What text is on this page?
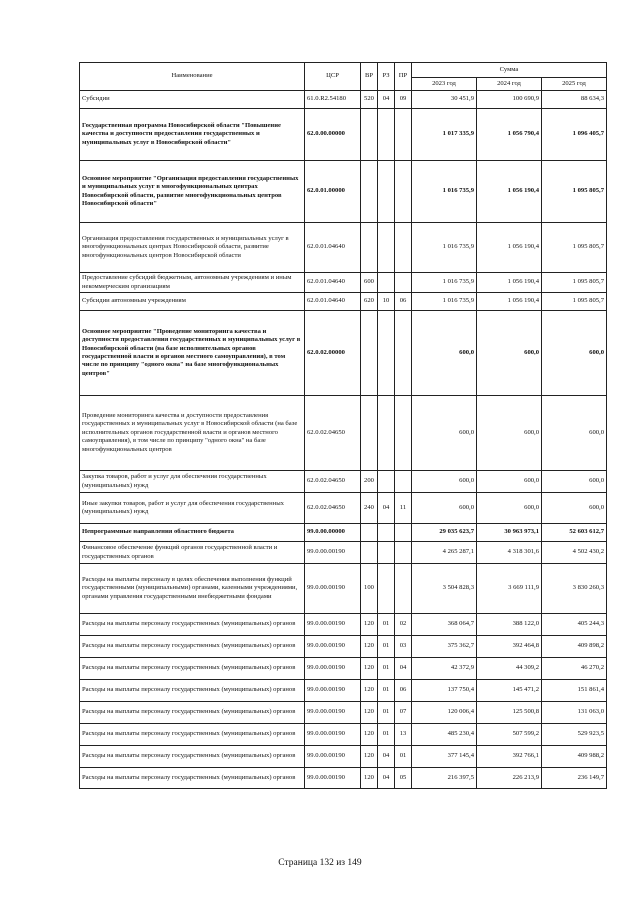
Наименование	ЦСР	ВР	РЗ	ПР	Сумма		
					2023 год	2024 год	2025 год
Субсидии	61.0.R2.54180	520	04	09	30 451,9	100 690,9	88 634,3
Государственная программа Новосибирской области "Повышение качества и доступности предоставления государственных и муниципальных услуг в Новосибирской области"	62.0.00.00000				1 017 335,9	1 056 790,4	1 096 405,7
Основное мероприятие "Организация предоставления государственных и муниципальных услуг в многофункциональных центрах Новосибирской области, развитие многофункциональных центров Новосибирской области"	62.0.01.00000				1 016 735,9	1 056 190,4	1 095 805,7
Организация предоставления государственных и муниципальных услуг в многофункциональных центрах Новосибирской области, развитие многофункциональных центров Новосибирской области	62.0.01.04640				1 016 735,9	1 056 190,4	1 095 805,7
Предоставление субсидий бюджетным, автономным учреждениям и иным некоммерческим организациям	62.0.01.04640	600			1 016 735,9	1 056 190,4	1 095 805,7
Субсидии автономным учреждениям	62.0.01.04640	620	10	06	1 016 735,9	1 056 190,4	1 095 805,7
Основное мероприятие "Проведение мониторинга качества и доступности предоставления государственных и муниципальных услуг в Новосибирской области (на базе исполнительных органов государственной власти и органов местного самоуправления), в том числе по принципу "одного окна" на базе многофункциональных центров"	62.0.02.00000				600,0	600,0	600,0
Проведение мониторинга качества и доступности предоставления государственных и муниципальных услуг в Новосибирской области (на базе исполнительных органов государственной власти и органов местного самоуправления), в том числе по принципу "одного окна" на базе многофункциональных центров	62.0.02.04650				600,0	600,0	600,0
Закупка товаров, работ и услуг для обеспечения государственных (муниципальных) нужд	62.0.02.04650	200			600,0	600,0	600,0
Иные закупки товаров, работ и услуг для обеспечения государственных (муниципальных) нужд	62.0.02.04650	240	04	11	600,0	600,0	600,0
Непрограммные направления областного бюджета	99.0.00.00000				29 035 623,7	30 963 973,1	52 603 612,7
Финансовое обеспечение функций органов государственной власти и государственных органов	99.0.00.00190				4 265 287,1	4 318 301,6	4 502 430,2
Расходы на выплаты персоналу в целях обеспечения выполнения функций государственными (муниципальными) органами, казенными учреждениями, органами управления государственными внебюджетными фондами	99.0.00.00190	100			3 504 828,3	3 669 111,9	3 830 260,3
Расходы на выплаты персоналу государственных (муниципальных) органов	99.0.00.00190	120	01	02	368 064,7	388 122,0	405 244,3
Расходы на выплаты персоналу государственных (муниципальных) органов	99.0.00.00190	120	01	03	375 362,7	392 464,8	409 898,2
Расходы на выплаты персоналу государственных (муниципальных) органов	99.0.00.00190	120	01	04	42 372,9	44 309,2	46 270,2
Расходы на выплаты персоналу государственных (муниципальных) органов	99.0.00.00190	120	01	06	137 750,4	145 471,2	151 861,4
Расходы на выплаты персоналу государственных (муниципальных) органов	99.0.00.00190	120	01	07	120 006,4	125 500,8	131 063,0
Расходы на выплаты персоналу государственных (муниципальных) органов	99.0.00.00190	120	01	13	485 230,4	507 599,2	529 923,5
Расходы на выплаты персоналу государственных (муниципальных) органов	99.0.00.00190	120	04	01	377 145,4	392 766,1	409 988,2
Расходы на выплаты персоналу государственных (муниципальных) органов	99.0.00.00190	120	04	05	216 397,5	226 213,9	236 149,7
Страница 132 из 149
